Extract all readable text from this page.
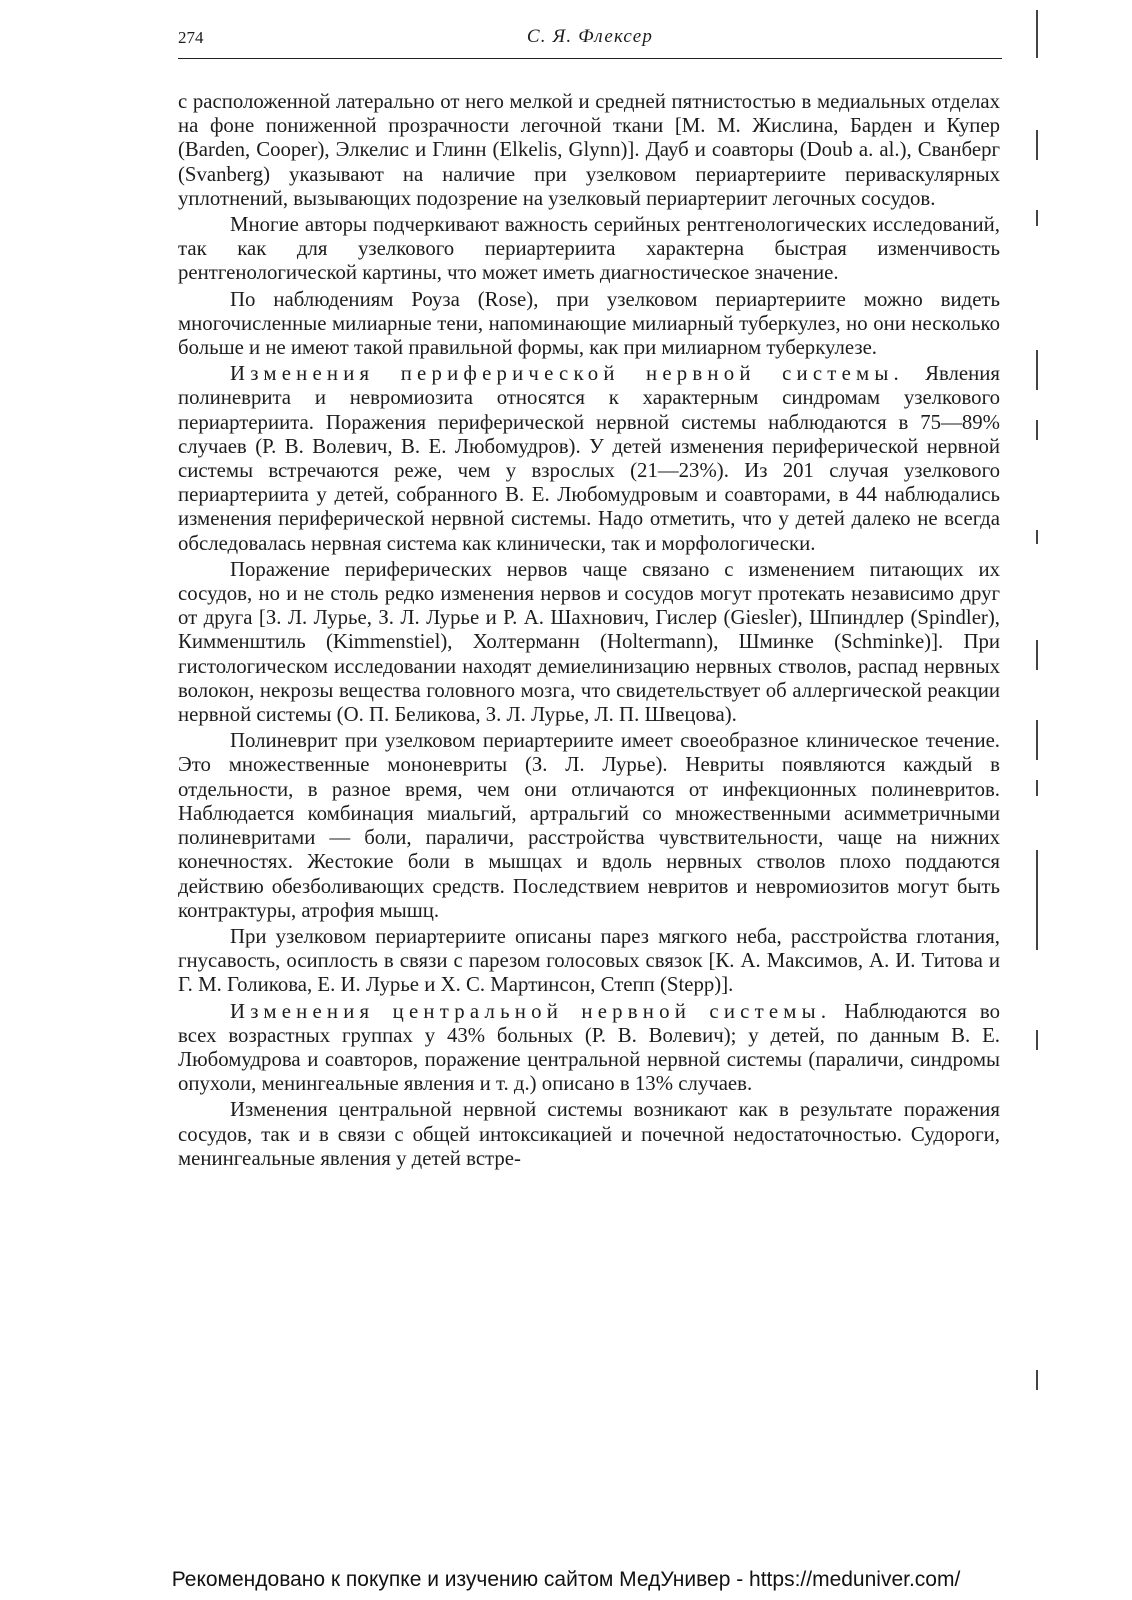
274	С. Я. Флексер

с расположенной латерально от него мелкой и средней пятнистостью в медиальных отделах на фоне пониженной прозрачности легочной ткани [М. М. Жислина, Барден и Купер (Barden, Cooper), Элкелис и Глинн (Elkelis, Glynn)]. Дауб и соавторы (Doub a. al.), Сванберг (Svanberg) указывают на наличие при узелковом периартериите периваскулярных уплотнений, вызывающих подозрение на узелковый периартериит легочных сосудов.

Многие авторы подчеркивают важность серийных рентгенологических исследований, так как для узелкового периартериита характерна быстрая изменчивость рентгенологической картины, что может иметь диагностическое значение.

По наблюдениям Роуза (Rose), при узелковом периартериите можно видеть многочисленные милиарные тени, напоминающие милиарный туберкулез, но они несколько больше и не имеют такой правильной формы, как при милиарном туберкулезе.

Изменения периферической нервной системы. Явления полиневрита и невромиозита относятся к характерным синдромам узелкового периартериита. Поражения периферической нервной системы наблюдаются в 75—89% случаев (Р. В. Волевич, В. Е. Любомудров). У детей изменения периферической нервной системы встречаются реже, чем у взрослых (21—23%). Из 201 случая узелкового периартериита у детей, собранного В. Е. Любомудровым и соавторами, в 44 наблюдались изменения периферической нервной системы. Надо отметить, что у детей далеко не всегда обследовалась нервная система как клинически, так и морфологически.

Поражение периферических нервов чаще связано с изменением питающих их сосудов, но и не столь редко изменения нервов и сосудов могут протекать независимо друг от друга [З. Л. Лурье, З. Л. Лурье и Р. А. Шахнович, Гислер (Giesler), Шпиндлер (Spindler), Кимменштиль (Kimmenstiel), Холтерманн (Holtermann), Шминке (Schminke)]. При гистологическом исследовании находят демиелинизацию нервных стволов, распад нервных волокон, некрозы вещества головного мозга, что свидетельствует об аллергической реакции нервной системы (О. П. Беликова, З. Л. Лурье, Л. П. Швецова).

Полиневрит при узелковом периартериите имеет своеобразное клиническое течение. Это множественные мононевриты (З. Л. Лурье). Невриты появляются каждый в отдельности, в разное время, чем они отличаются от инфекционных полиневритов. Наблюдается комбинация миальгий, артральгий со множественными асимметричными полиневритами — боли, параличи, расстройства чувствительности, чаще на нижних конечностях. Жестокие боли в мышцах и вдоль нервных стволов плохо поддаются действию обезболивающих средств. Последствием невритов и невромиозитов могут быть контрактуры, атрофия мышц.

При узелковом периартериите описаны парез мягкого неба, расстройства глотания, гнусавость, осиплость в связи с парезом голосовых связок [К. А. Максимов, А. И. Титова и Г. М. Голикова, Е. И. Лурье и Х. С. Мартинсон, Степп (Stepp)].

Изменения центральной нервной системы. Наблюдаются во всех возрастных группах у 43% больных (Р. В. Волевич); у детей, по данным В. Е. Любомудрова и соавторов, поражение центральной нервной системы (параличи, синдромы опухоли, менингеальные явления и т. д.) описано в 13% случаев.

Изменения центральной нервной системы возникают как в результате поражения сосудов, так и в связи с общей интоксикацией и почечной недостаточностью. Судороги, менингеальные явления у детей встре-

Рекомендовано к покупке и изучению сайтом МедУнивер - https://meduniver.com/
